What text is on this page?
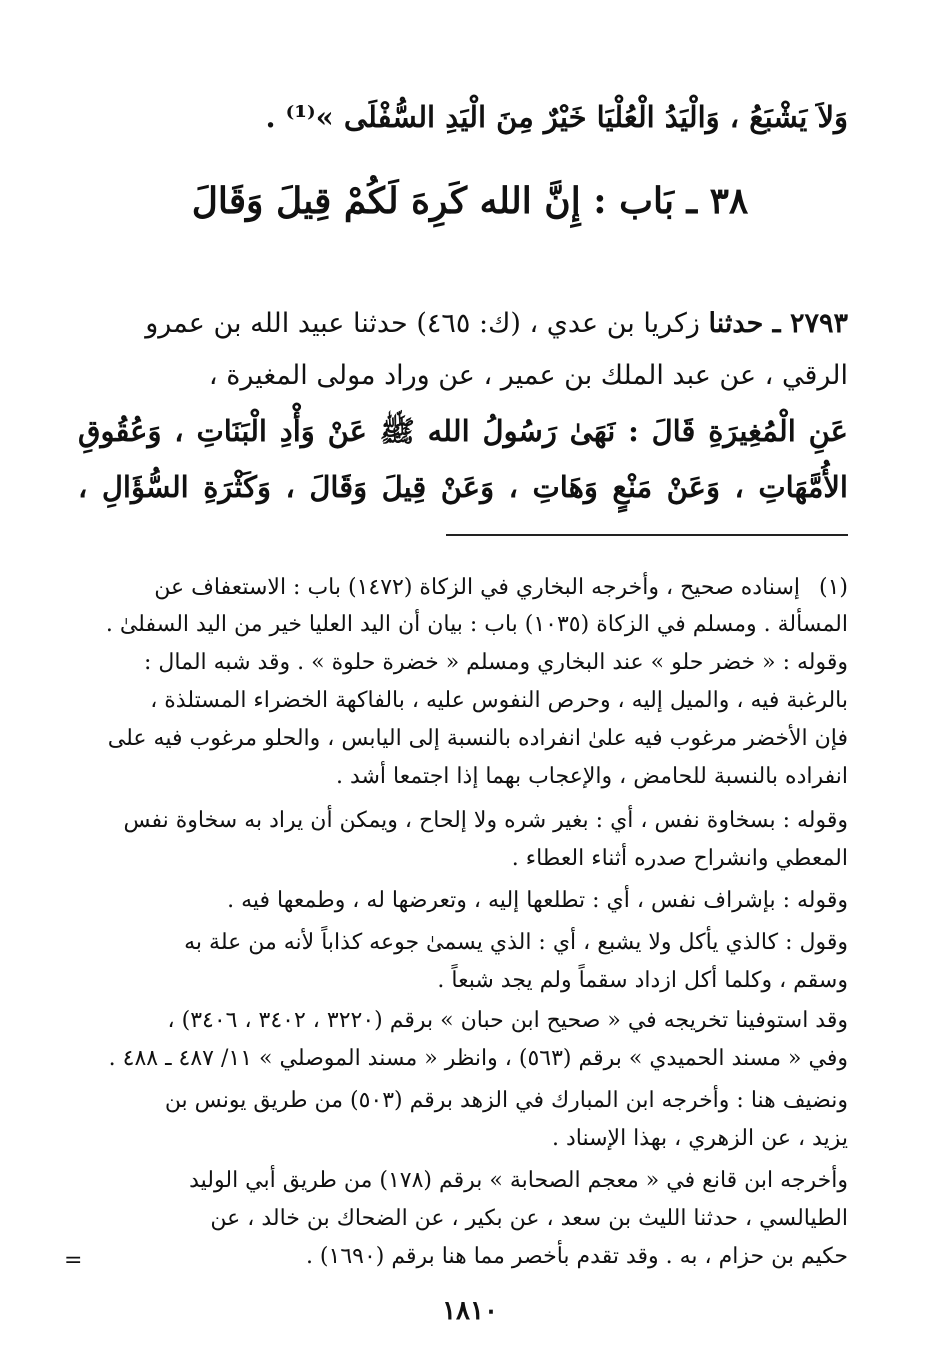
وَلاَ يَشْبَعُ ، وَالْيَدُ الْعُلْيَا خَيْرٌ مِنَ الْيَدِ السُّفْلَى »⁽¹⁾ .
٣٨ ـ بَاب : إِنَّ الله كَرِهَ لَكُمْ قِيلَ وَقَالَ
٢٧٩٣ ـ حدثنا زكريا بن عدي ، (ك: ٤٦٥) حدثنا عبيد الله بن عمرو
الرقي ، عن عبد الملك بن عمير ، عن وراد مولى المغيرة ،
عَنِ الْمُغِيرَةِ قَالَ : نَهَىٰ رَسُولُ الله ﷺ عَنْ وَأْدِ الْبَنَاتِ ، وَعُقُوقِ
الأُمَّهَاتِ ، وَعَنْ مَنْعٍ وَهَاتِ ، وَعَنْ قِيلَ وَقَالَ ، وَكَثْرَةِ السُّؤَالِ ،
(١)
إسناده صحيح ، وأخرجه البخاري في الزكاة (١٤٧٢) باب : الاستعفاف عن
المسألة . ومسلم في الزكاة (١٠٣٥) باب : بيان أن اليد العليا خير من اليد السفلىٰ .
وقوله : « خضر حلو » عند البخاري ومسلم « خضرة حلوة » . وقد شبه المال :
بالرغبة فيه ، والميل إليه ، وحرص النفوس عليه ، بالفاكهة الخضراء المستلذة ،
فإن الأخضر مرغوب فيه علىٰ انفراده بالنسبة إلى اليابس ، والحلو مرغوب فيه على
انفراده بالنسبة للحامض ، والإعجاب بهما إذا اجتمعا أشد .
وقوله : بسخاوة نفس ، أي : بغير شره ولا إلحاح ، ويمكن أن يراد به سخاوة نفس
المعطي وانشراح صدره أثناء العطاء .
وقوله : بإشراف نفس ، أي : تطلعها إليه ، وتعرضها له ، وطمعها فيه .
وقول : كالذي يأكل ولا يشبع ، أي : الذي يسمىٰ جوعه كذاباً لأنه من علة به
وسقم ، وكلما أكل ازداد سقماً ولم يجد شبعاً .
وقد استوفينا تخريجه في « صحيح ابن حبان » برقم (٣٢٢٠ ، ٣٤٠٢ ، ٣٤٠٦) ،
وفي « مسند الحميدي » برقم (٥٦٣) ، وانظر « مسند الموصلي » ١١/ ٤٨٧ ـ ٤٨٨ .
ونضيف هنا : وأخرجه ابن المبارك في الزهد برقم (٥٠٣) من طريق يونس بن
يزيد ، عن الزهري ، بهذا الإسناد .
وأخرجه ابن قانع في « معجم الصحابة » برقم (١٧٨) من طريق أبي الوليد
الطيالسي ، حدثنا الليث بن سعد ، عن بكير ، عن الضحاك بن خالد ، عن
حكيم بن حزام ، به . وقد تقدم بأخصر مما هنا برقم (١٦٩٠) .
=
١٨١٠
